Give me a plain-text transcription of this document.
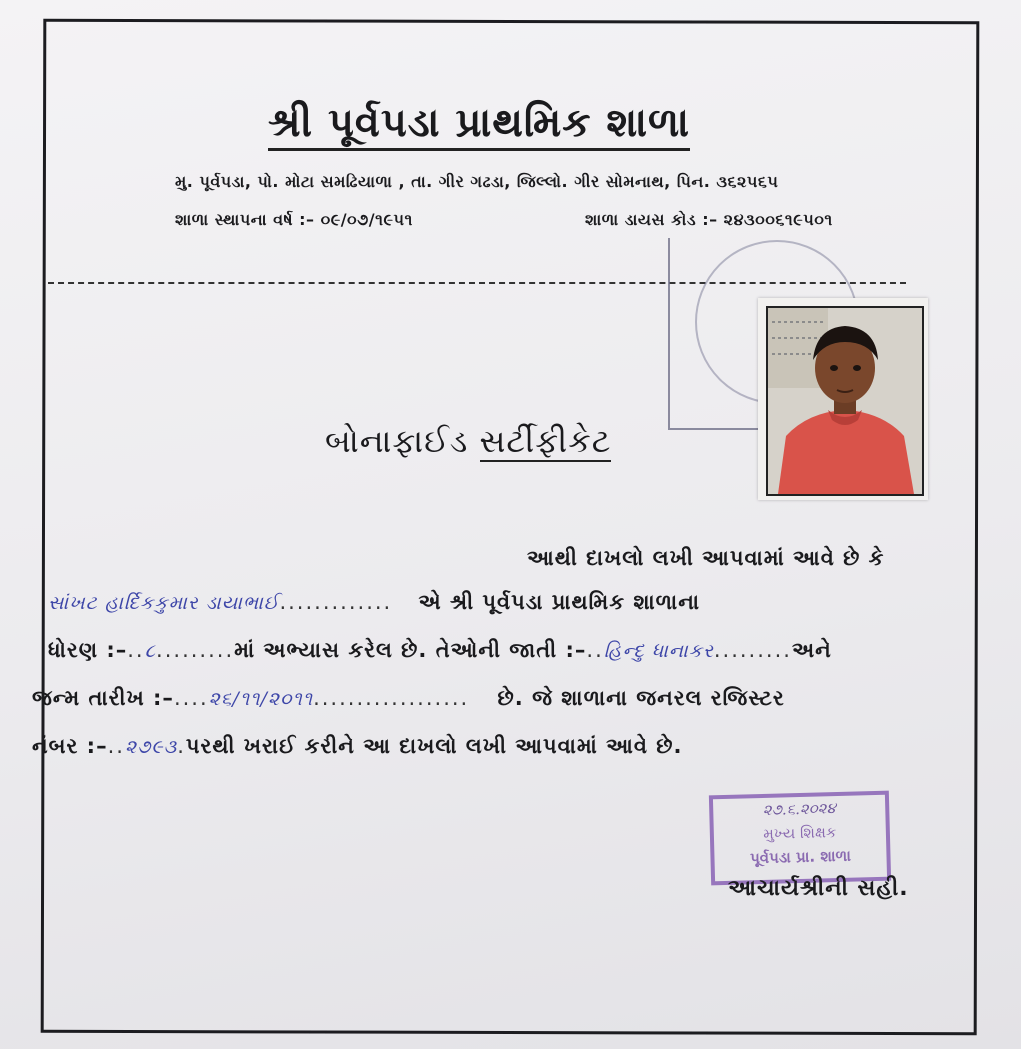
શ્રી પૂર્વપડા પ્રાથમિક શાળા
મુ. પૂર્વપડા, પો. મોટા સમઢિયાળા , તા. ગીર ગઢડા, જિલ્લો. ગીર સોમનાથ, પિન. ૩૬૨૫૬૫
શાળા સ્થાપના વર્ષ :– ૦૯/૦૭/૧૯૫૧	શાળા ડાયસ કોડ :– ૨૪૩૦૦૬૧૯૫૦૧
બોનાફાઈડ સર્ટીફીકેટ
આથી દાખલો લખી આપવામાં આવે છે કે
સાંખટ હાર્દિકકુમાર ડાયાભાઈ............. એ શ્રી પૂર્વપડા પ્રાથમિક શાળાના
ધોરણ :–..૮.........માં અભ્યાસ કરેલ છે. તેઓની જાતી :–..હિન્દુ ધાનાકર.........અને
જન્મ તારીખ :–....૨૬/૧૧/૨૦૧૧.................. છે. જે શાળાના જનરલ રજિસ્ટર
નંબર :–..૨૭૯૩.પરથી ખરાઈ કરીને આ દાખલો લખી આપવામાં આવે છે.
૨૭.૬.૨૦૨૪
મુખ્ય શિક્ષક
પૂર્વપડા પ્રા. શાળા
આચાર્યશ્રીની સહી.
